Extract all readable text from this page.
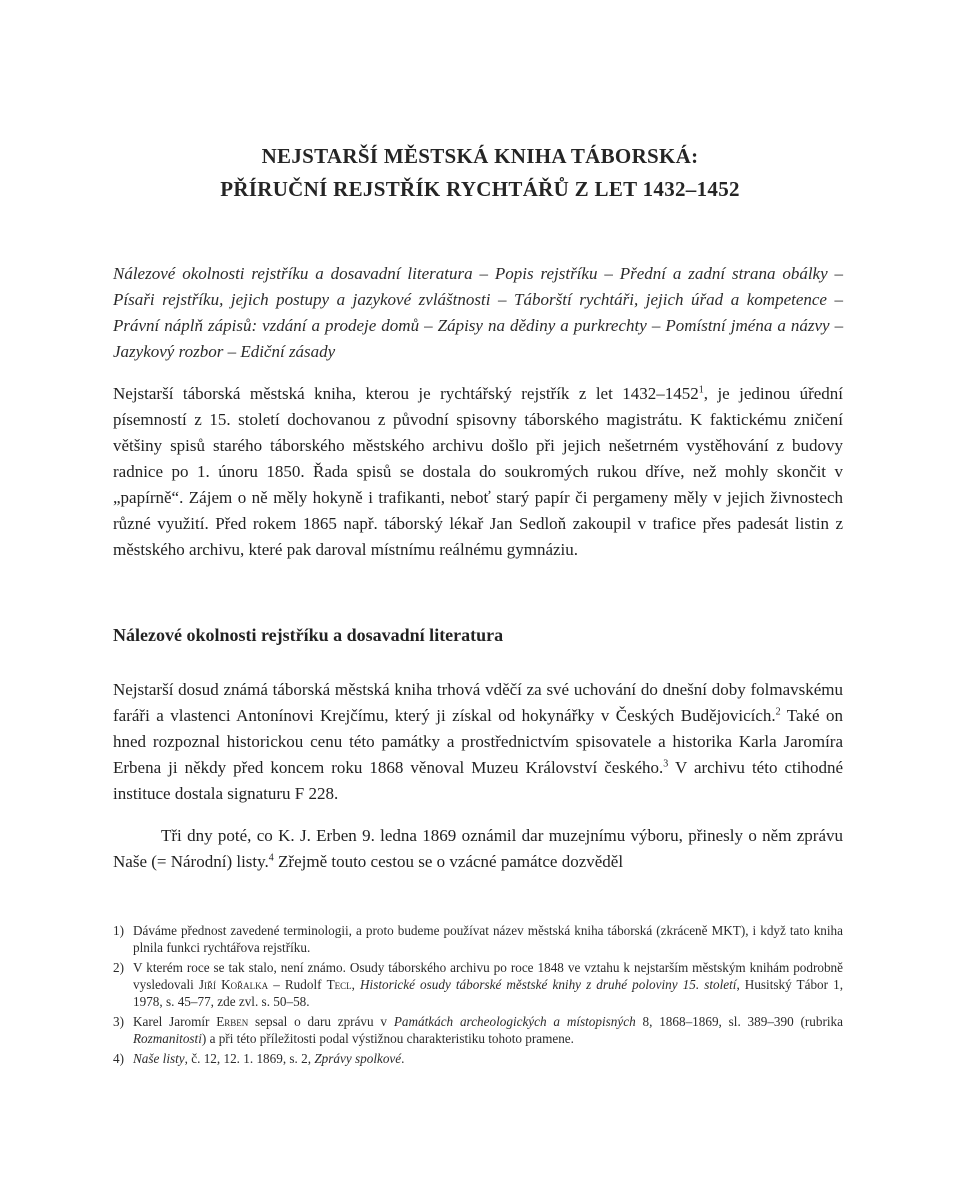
NEJSTARŠÍ MĚSTSKÁ KNIHA TÁBORSKÁ:
PŘÍRUČNÍ REJSTŘÍK RYCHTÁŘŮ Z LET 1432–1452
Nálezové okolnosti rejstříku a dosavadní literatura – Popis rejstříku – Přední a zadní strana obálky – Písaři rejstříku, jejich postupy a jazykové zvláštnosti – Táborští rychtáři, jejich úřad a kompetence – Právní náplň zápisů: vzdání a prodeje domů – Zápisy na dědiny a purkrechty – Pomístní jména a názvy – Jazykový rozbor – Ediční zásady

Nejstarší táborská městská kniha, kterou je rychtářský rejstřík z let 1432–1452$^1$, je jedinou úřední písemností z 15. století dochovanou z původní spisovny táborského magistrátu. K faktickému zničení většiny spisů starého táborského městského archivu došlo při jejich nešetrném vystěhování z budovy radnice po 1. únoru 1850. Řada spisů se dostala do soukromých rukou dříve, než mohly skončit v „papírně“. Zájem o ně měly hokyně i trafikanti, neboť starý papír či pergameny měly v jejich živnostech různé využití. Před rokem 1865 např. táborský lékař Jan Sedloň zakoupil v trafice přes padesát listin z městského archivu, které pak daroval místnímu reálnému gymnáziu.

Nálezové okolnosti rejstříku a dosavadní literatura

Nejstarší dosud známá táborská městská kniha trhová vděčí za své uchování do dnešní doby folmavskému faráři a vlastenci Antonínovi Krejčímu, který ji získal od hokynářky v Českých Budějovicích.$^2$ Také on hned rozpoznal historickou cenu této památky a prostřednictvím spisovatele a historika Karla Jaromíra Erbena ji někdy před koncem roku 1868 věnoval Muzeu Království českého.$^3$ V archivu této ctihodné instituce dostala signaturu F 228.

Tři dny poté, co K. J. Erben 9. ledna 1869 oznámil dar muzejnímu výboru, přinesly o něm zprávu Naše (= Národní) listy.$^4$ Zřejmě touto cestou se o vzácné památce dozvěděl

1) Dáváme přednost zavedené terminologii, a proto budeme používat název městská kniha táborská (zkráceně MKT), i když tato kniha plnila funkci rychtářova rejstříku.
2) V kterém roce se tak stalo, není známo. Osudy táborského archivu po roce 1848 ve vztahu k nejstarším městským knihám podrobně vysledovali Jiří Kořalka – Rudolf Tecl, Historické osudy táborské městské knihy z druhé poloviny 15. století, Husitský Tábor 1, 1978, s. 45–77, zde zvl. s. 50–58.
3) Karel Jaromír Erben sepsal o daru zprávu v Památkách archeologických a místopisných 8, 1868–1869, sl. 389–390 (rubrika Rozmanitosti) a při této příležitosti podal výstižnou charakteristiku tohoto pramene.
4) Naše listy, č. 12, 12. 1. 1869, s. 2, Zprávy spolkové.
